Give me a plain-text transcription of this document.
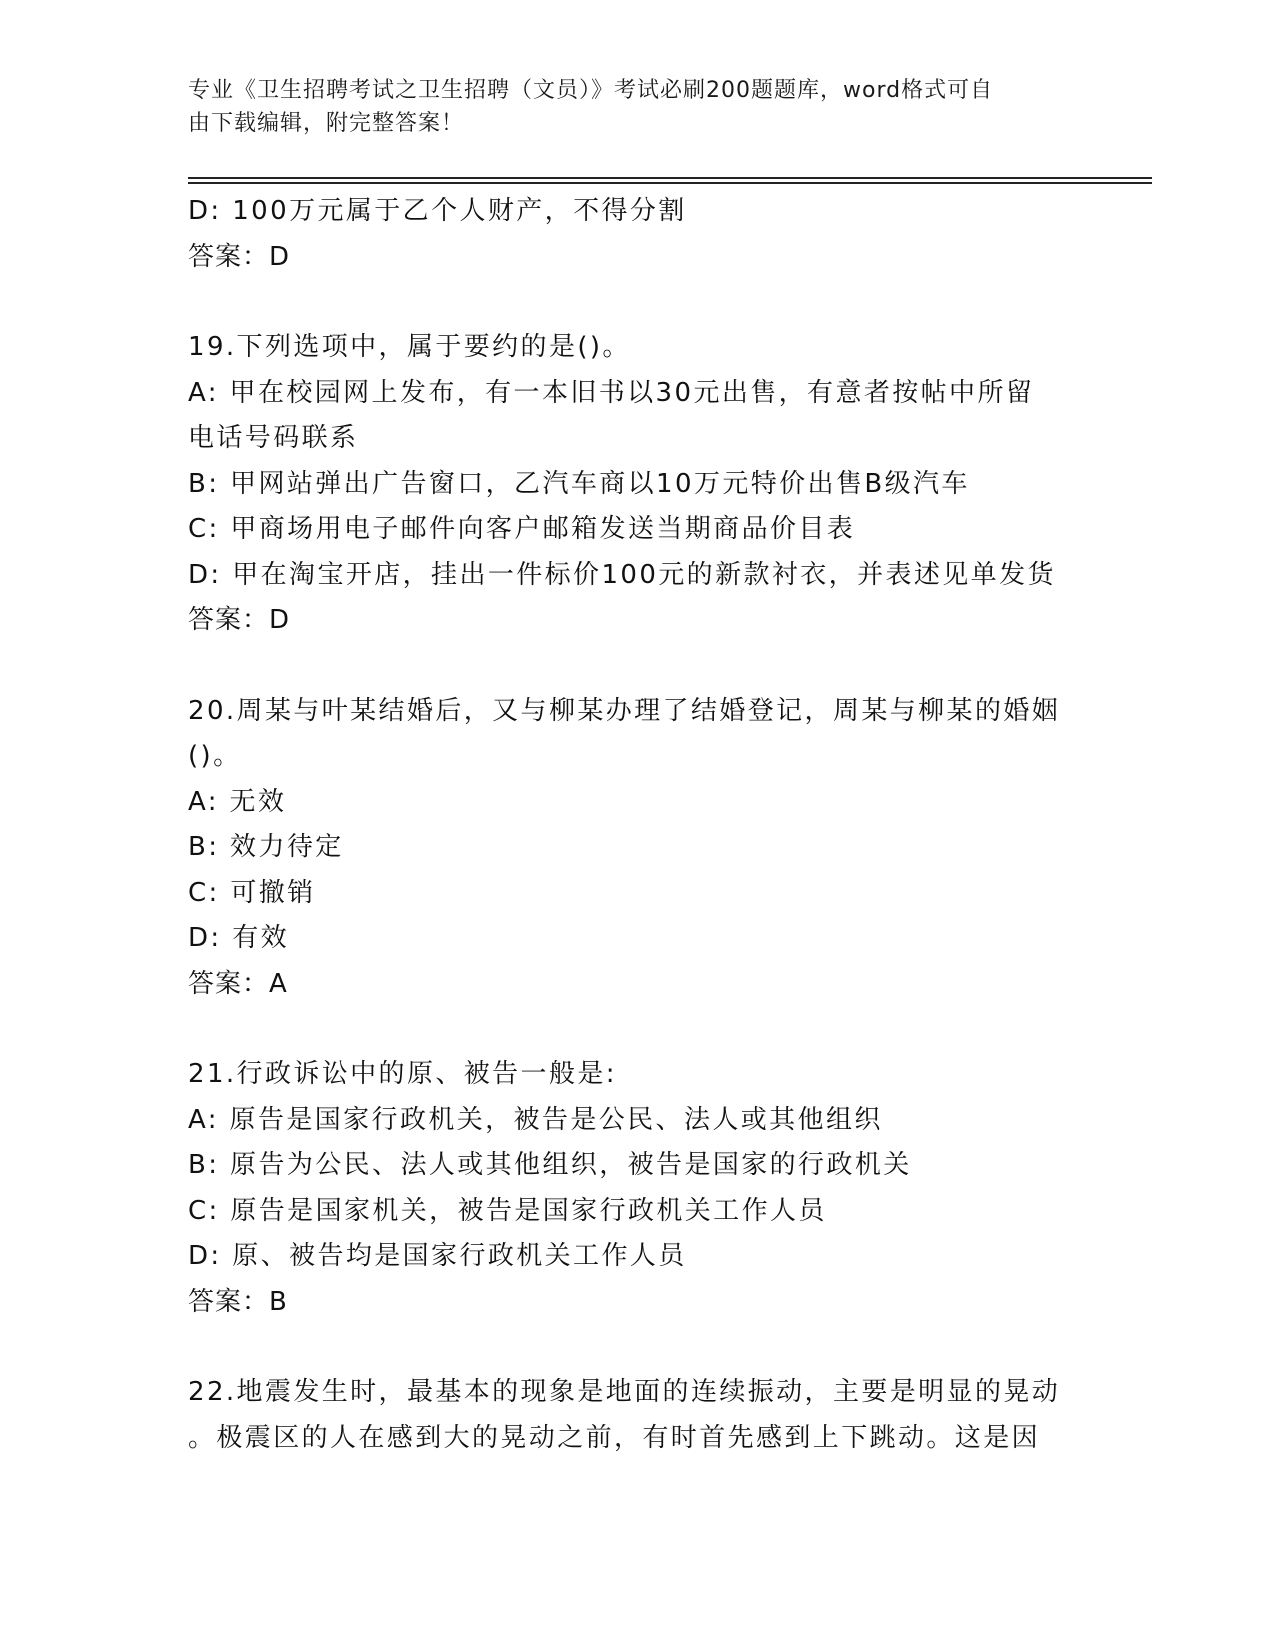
专业《卫生招聘考试之卫生招聘（文员）》考试必刷200题题库，word格式可自
由下载编辑，附完整答案！
D: 100万元属于乙个人财产，不得分割
答案：D
19.下列选项中，属于要约的是()。
A: 甲在校园网上发布，有一本旧书以30元出售，有意者按帖中所留
电话号码联系
B: 甲网站弹出广告窗口，乙汽车商以10万元特价出售B级汽车
C: 甲商场用电子邮件向客户邮箱发送当期商品价目表
D: 甲在淘宝开店，挂出一件标价100元的新款衬衣，并表述见单发货
答案：D
20.周某与叶某结婚后，又与柳某办理了结婚登记，周某与柳某的婚姻
()。
A: 无效
B: 效力待定
C: 可撤销
D: 有效
答案：A
21.行政诉讼中的原、被告一般是:
A: 原告是国家行政机关，被告是公民、法人或其他组织
B: 原告为公民、法人或其他组织，被告是国家的行政机关
C: 原告是国家机关，被告是国家行政机关工作人员
D: 原、被告均是国家行政机关工作人员
答案：B
22.地震发生时，最基本的现象是地面的连续振动，主要是明显的晃动
。极震区的人在感到大的晃动之前，有时首先感到上下跳动。这是因
